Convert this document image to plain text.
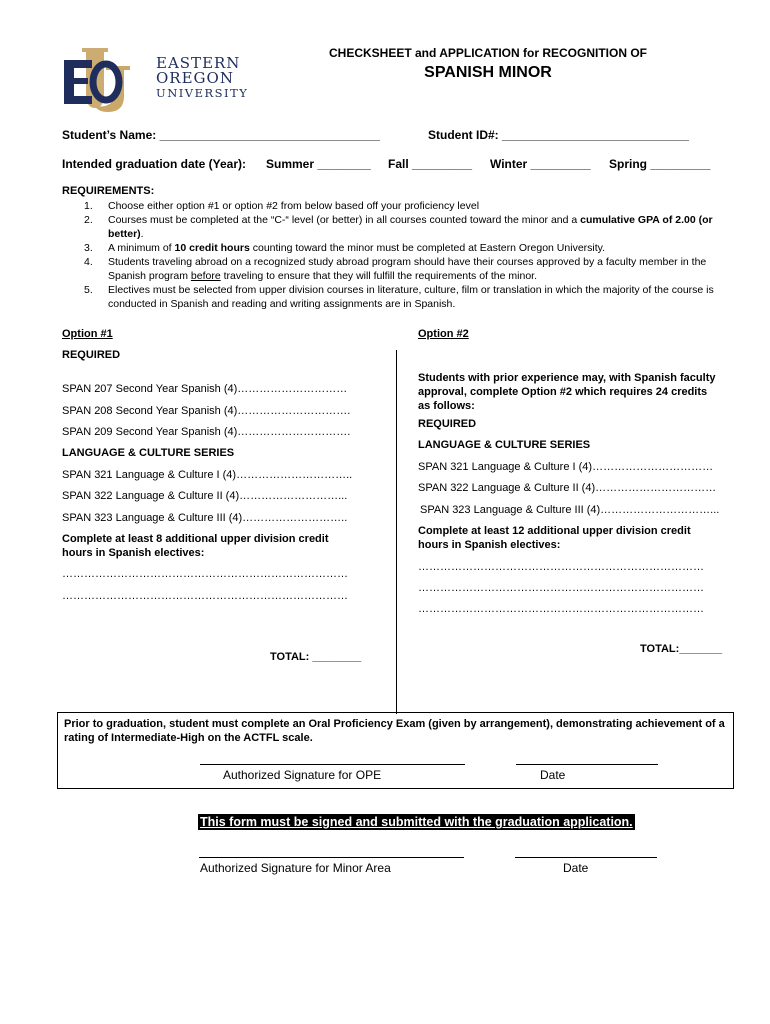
EASTERN
OREGON
UNIVERSITY
CHECKSHEET and APPLICATION for RECOGNITION OF
SPANISH MINOR
Student’s Name: _________________________________	Student ID#: ____________________________
Intended graduation date (Year): Summer ________ Fall _________ Winter _________ Spring _________
REQUIREMENTS:
1. Choose either option #1 or option #2 from below based off your proficiency level
2. Courses must be completed at the “C-“ level (or better) in all courses counted toward the minor and a cumulative GPA of 2.00 (or better).
3. A minimum of 10 credit hours counting toward the minor must be completed at Eastern Oregon University.
4. Students traveling abroad on a recognized study abroad program should have their courses approved by a faculty member in the Spanish program before traveling to ensure that they will fulfill the requirements of the minor.
5. Electives must be selected from upper division courses in literature, culture, film or translation in which the majority of the course is conducted in Spanish and reading and writing assignments are in Spanish.
Option #1
REQUIRED
SPAN 207 Second Year Spanish (4)…………………………
SPAN 208 Second Year Spanish (4)………………………….
SPAN 209 Second Year Spanish (4)………………………….
LANGUAGE & CULTURE SERIES
SPAN 321 Language & Culture I (4)…………………………..
SPAN 322 Language & Culture II (4)………………………...
SPAN 323 Language & Culture III (4)………………………..
Complete at least 8 additional upper division credit hours in Spanish electives:
……………………………………………………………………
……………………………………………………………………
TOTAL: ________
Option #2
Students with prior experience may, with Spanish faculty approval, complete Option #2 which requires 24 credits as follows:
REQUIRED
LANGUAGE & CULTURE SERIES
SPAN 321 Language & Culture I (4)……………………………
SPAN 322 Language & Culture II (4)……………………………
SPAN 323 Language & Culture III (4)…………………………...
Complete at least 12 additional upper division credit hours in Spanish electives:
……………………………………………………………………
……………………………………………………………………
……………………………………………………………………
TOTAL:_______
Prior to graduation, student must complete an Oral Proficiency Exam (given by arrangement), demonstrating achievement of a rating of Intermediate-High on the ACTFL scale.
Authorized Signature for OPE	Date
This form must be signed and submitted with the graduation application.
Authorized Signature for Minor Area	Date
